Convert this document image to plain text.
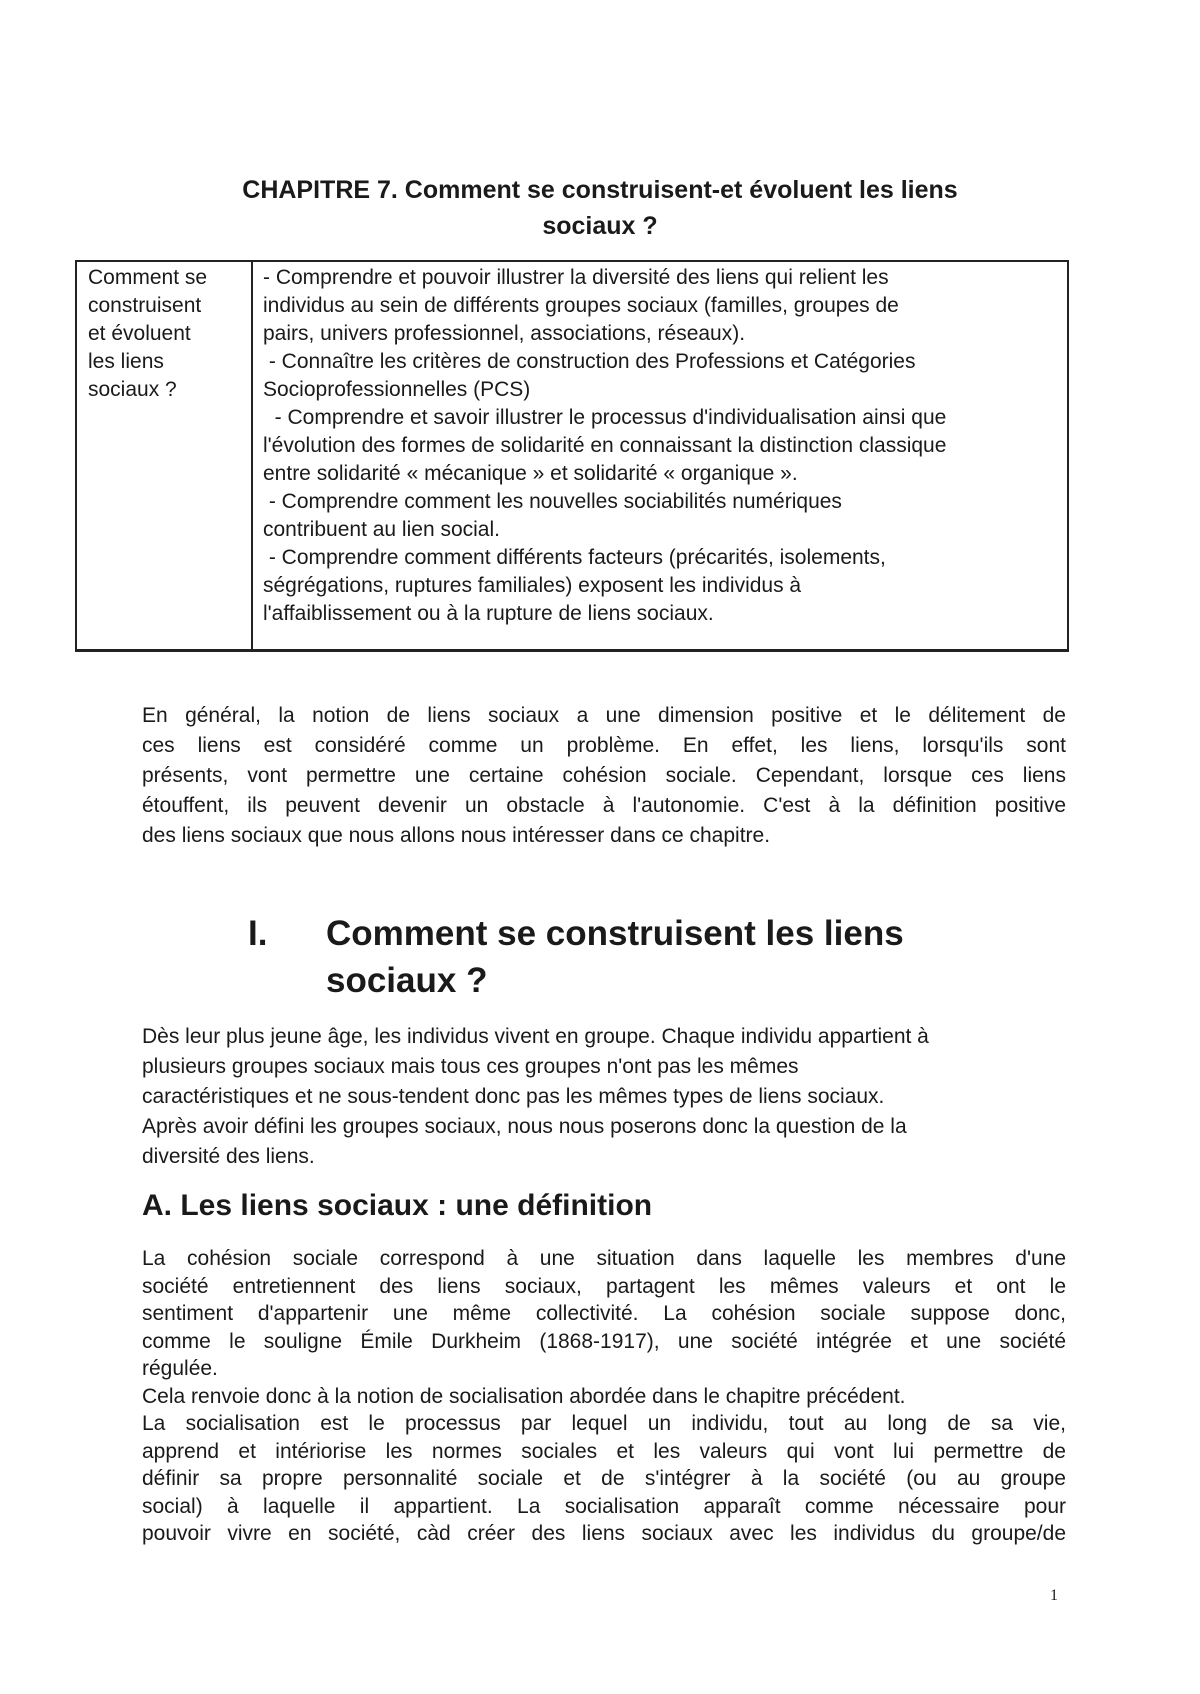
CHAPITRE 7. Comment se construisent-et évoluent les liens
sociaux ?
Comment se
construisent
et évoluent
les liens
sociaux ?
- Comprendre et pouvoir illustrer la diversité des liens qui relient les
individus au sein de différents groupes sociaux (familles, groupes de
pairs, univers professionnel, associations, réseaux).
- Connaître les critères de construction des Professions et Catégories
Socioprofessionnelles (PCS)
- Comprendre et savoir illustrer le processus d'individualisation ainsi que
l'évolution des formes de solidarité en connaissant la distinction classique
entre solidarité « mécanique » et solidarité « organique ».
- Comprendre comment les nouvelles sociabilités numériques
contribuent au lien social.
- Comprendre comment différents facteurs (précarités, isolements,
ségrégations, ruptures familiales) exposent les individus à
l'affaiblissement ou à la rupture de liens sociaux.
En général, la notion de liens sociaux a une dimension positive et le délitement de
ces liens est considéré comme un problème. En effet, les liens, lorsqu'ils sont
présents, vont permettre une certaine cohésion sociale. Cependant, lorsque ces liens
étouffent, ils peuvent devenir un obstacle à l'autonomie. C'est à la définition positive
des liens sociaux que nous allons nous intéresser dans ce chapitre.
I. Comment se construisent les liens
sociaux ?
Dès leur plus jeune âge, les individus vivent en groupe. Chaque individu appartient à
plusieurs groupes sociaux mais tous ces groupes n'ont pas les mêmes
caractéristiques et ne sous-tendent donc pas les mêmes types de liens sociaux.
Après avoir défini les groupes sociaux, nous nous poserons donc la question de la
diversité des liens.
A. Les liens sociaux : une définition
La cohésion sociale correspond à une situation dans laquelle les membres d'une
société entretiennent des liens sociaux, partagent les mêmes valeurs et ont le
sentiment d'appartenir une même collectivité. La cohésion sociale suppose donc,
comme le souligne Émile Durkheim (1868-1917), une société intégrée et une société
régulée.
Cela renvoie donc à la notion de socialisation abordée dans le chapitre précédent.
La socialisation est le processus par lequel un individu, tout au long de sa vie,
apprend et intériorise les normes sociales et les valeurs qui vont lui permettre de
définir sa propre personnalité sociale et de s'intégrer à la société (ou au groupe
social) à laquelle il appartient. La socialisation apparaît comme nécessaire pour
pouvoir vivre en société, càd créer des liens sociaux avec les individus du groupe/de
1
